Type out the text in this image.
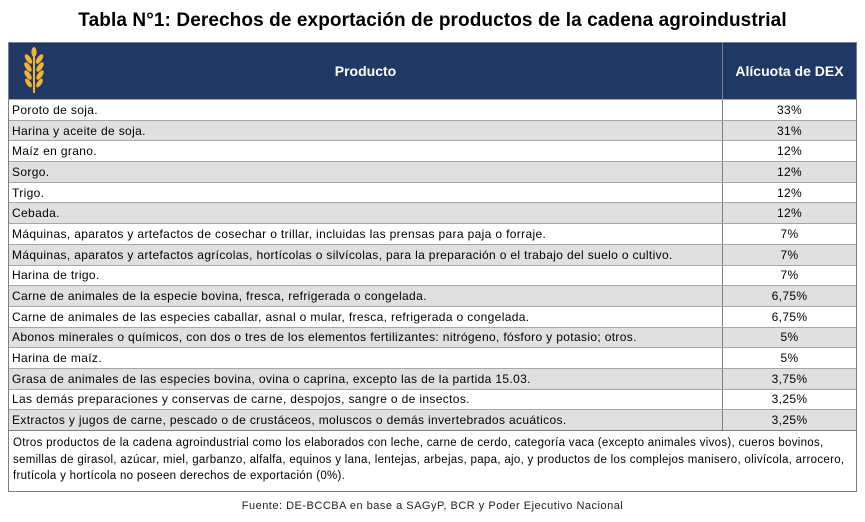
Tabla N°1: Derechos de exportación de productos de la cadena agroindustrial
Producto	Alícuota de DEX
Poroto de soja.	33%
Harina y aceite de soja.	31%
Maíz en grano.	12%
Sorgo.	12%
Trigo.	12%
Cebada.	12%
Máquinas, aparatos y artefactos de cosechar o trillar, incluidas las prensas para paja o forraje.	7%
Máquinas, aparatos y artefactos agrícolas, hortícolas o silvícolas, para la preparación o el trabajo del suelo o cultivo.	7%
Harina de trigo.	7%
Carne de animales de la especie bovina, fresca, refrigerada o congelada.	6,75%
Carne de animales de las especies caballar, asnal o mular, fresca, refrigerada o congelada.	6,75%
Abonos minerales o químicos, con dos o tres de los elementos fertilizantes: nitrógeno, fósforo y potasio; otros.	5%
Harina de maíz.	5%
Grasa de animales de las especies bovina, ovina o caprina, excepto las de la partida 15.03.	3,75%
Las demás preparaciones y conservas de carne, despojos, sangre o de insectos.	3,25%
Extractos y jugos de carne, pescado o de crustáceos, moluscos o demás invertebrados acuáticos.	3,25%
Otros productos de la cadena agroindustrial como los elaborados con leche, carne de cerdo, categoría vaca (excepto animales vivos), cueros bovinos, semillas de girasol, azúcar, miel, garbanzo, alfalfa, equinos y lana, lentejas, arbejas, papa, ajo, y productos de los complejos manisero, olivícola, arrocero, frutícola y hortícola no poseen derechos de exportación (0%).
Fuente: DE-BCCBA en base a SAGyP, BCR y Poder Ejecutivo Nacional
